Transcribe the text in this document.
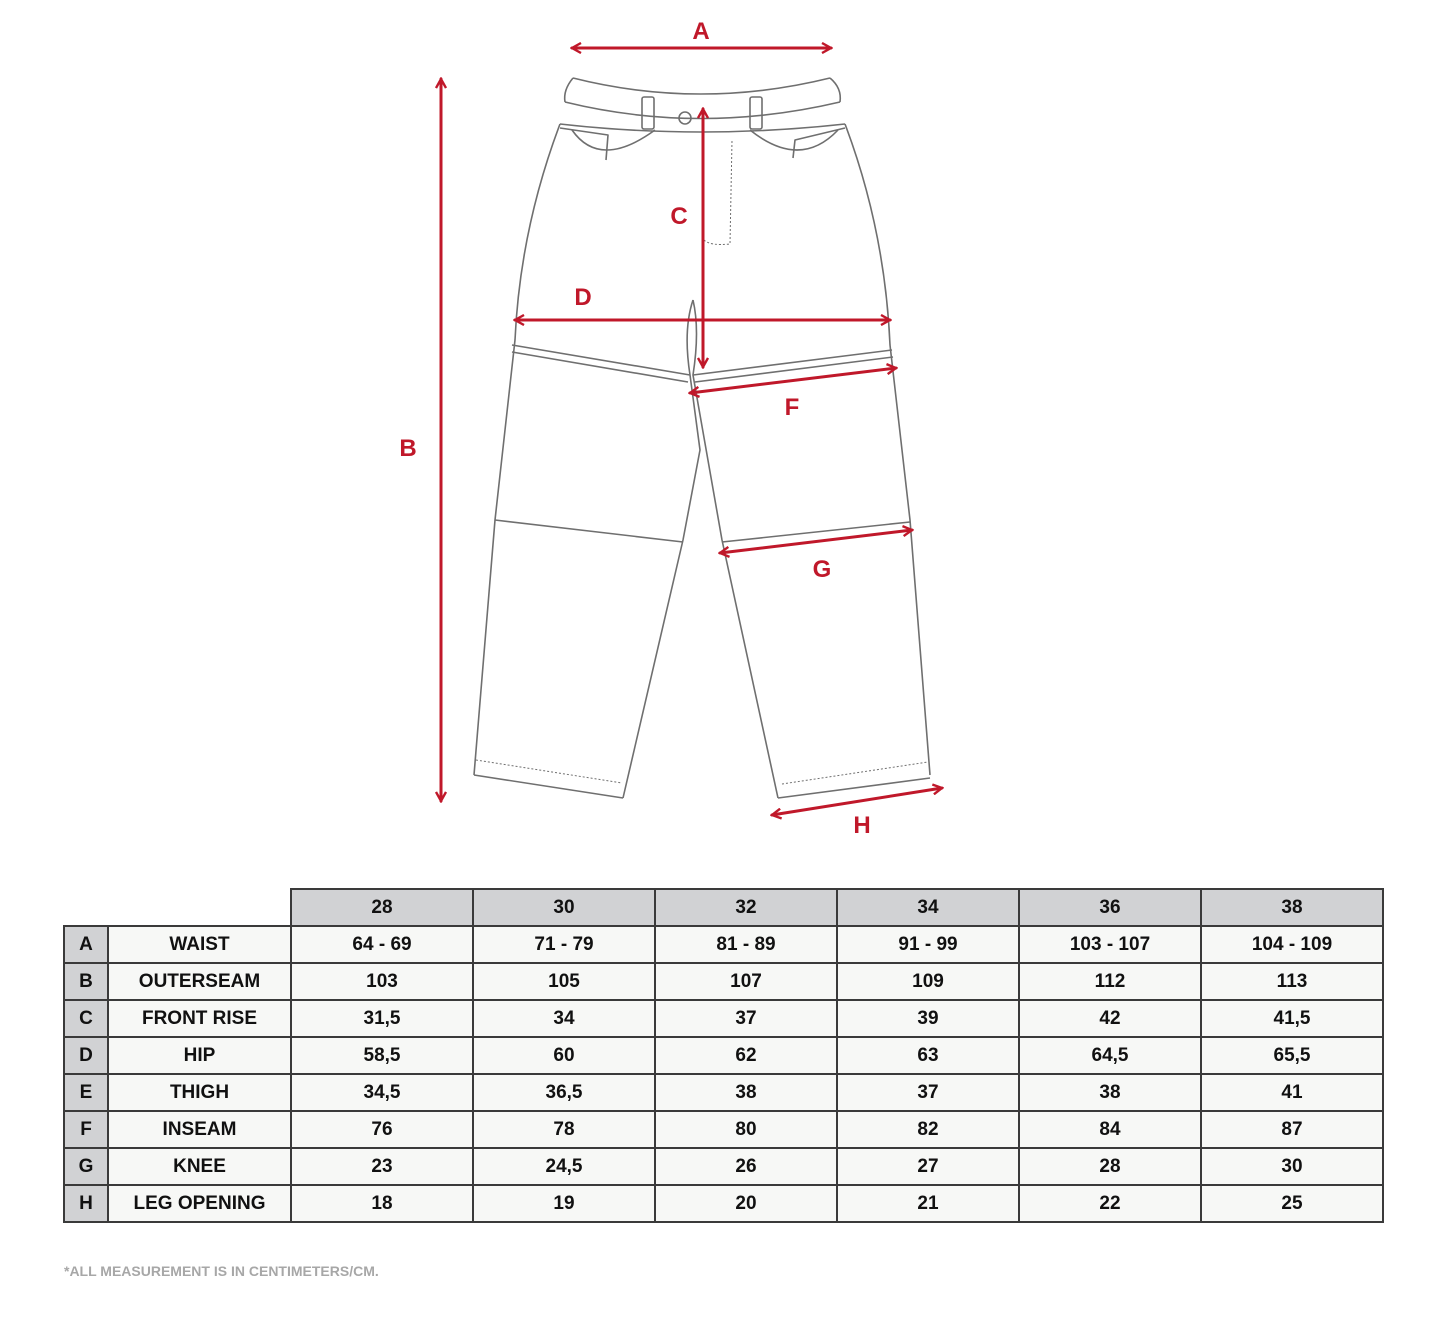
A
B
C
D
F
G
H
		28	30	32	34	36	38
A	WAIST	64 - 69	71 - 79	81 - 89	91 - 99	103 - 107	104 - 109
B	OUTERSEAM	103	105	107	109	112	113
C	FRONT RISE	31,5	34	37	39	42	41,5
D	HIP	58,5	60	62	63	64,5	65,5
E	THIGH	34,5	36,5	38	37	38	41
F	INSEAM	76	78	80	82	84	87
G	KNEE	23	24,5	26	27	28	30
H	LEG OPENING	18	19	20	21	22	25
*ALL MEASUREMENT IS IN CENTIMETERS/CM.
